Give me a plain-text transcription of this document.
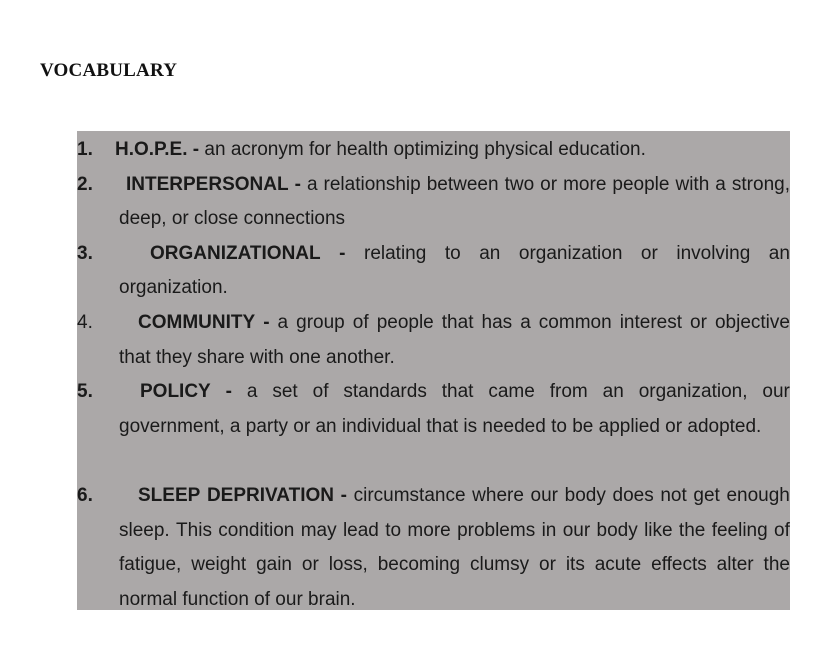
VOCABULARY
1. H.O.P.E. - an acronym for health optimizing physical education.
2. INTERPERSONAL - a relationship between two or more people with a strong,
deep, or close connections
3.	ORGANIZATIONAL - relating to an organization or involving an
organization.
4. COMMUNITY - a group of people that has a common interest or objective
that they share with one another.
5. POLICY - a set of standards that came from an organization, our
government, a party or an individual that is needed to be applied or adopted.
6. SLEEP DEPRIVATION - circumstance where our body does not get enough
sleep. This condition may lead to more problems in our body like the feeling of
fatigue, weight gain or loss, becoming clumsy or its acute effects alter the
normal function of our brain.
